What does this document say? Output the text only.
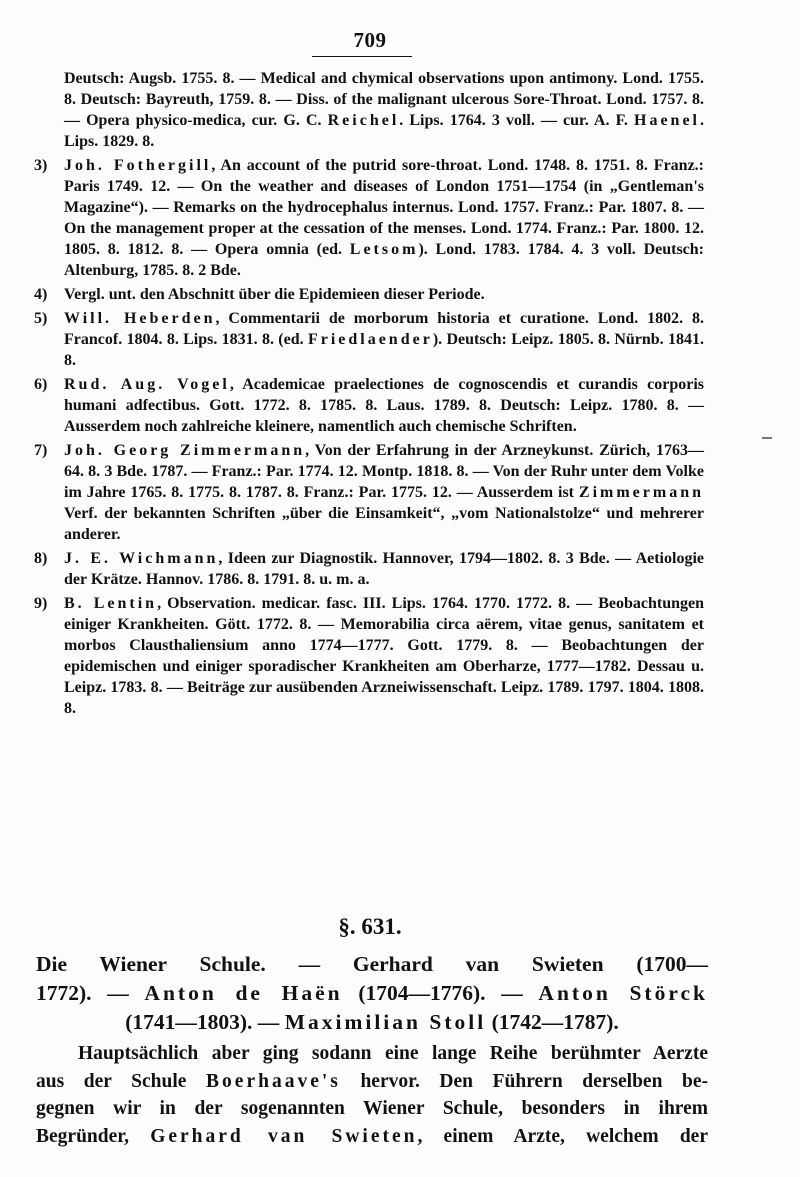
709
Deutsch: Augsb. 1755. 8. — Medical and chymical observations upon antimony. Lond. 1755. 8. Deutsch: Bayreuth, 1759. 8. — Diss. of the malignant ulcerous Sore-Throat. Lond. 1757. 8. — Opera physico-medica, cur. G. C. Reichel. Lips. 1764. 3 voll. — cur. A. F. Haenel. Lips. 1829. 8.
3)	Joh. Fothergill, An account of the putrid sore-throat. Lond. 1748. 8. 1751. 8. Franz.: Paris 1749. 12. — On the weather and diseases of London 1751—1754 (in „Gentleman's Magazine“). — Remarks on the hydrocephalus internus. Lond. 1757. Franz.: Par. 1807. 8. — On the management proper at the cessation of the menses. Lond. 1774. Franz.: Par. 1800. 12. 1805. 8. 1812. 8. — Opera omnia (ed. Letsom). Lond. 1783. 1784. 4. 3 voll. Deutsch: Altenburg, 1785. 8. 2 Bde.
4)	Vergl. unt. den Abschnitt über die Epidemieen dieser Periode.
5)	Will. Heberden, Commentarii de morborum historia et curatione. Lond. 1802. 8. Francof. 1804. 8. Lips. 1831. 8. (ed. Friedlaender). Deutsch: Leipz. 1805. 8. Nürnb. 1841. 8.
6)	Rud. Aug. Vogel, Academicae praelectiones de cognoscendis et curandis corporis humani adfectibus. Gott. 1772. 8. 1785. 8. Laus. 1789. 8. Deutsch: Leipz. 1780. 8. — Ausserdem noch zahlreiche kleinere, namentlich auch chemische Schriften.
7)	Joh. Georg Zimmermann, Von der Erfahrung in der Arzneykunst. Zürich, 1763—64. 8. 3 Bde. 1787. — Franz.: Par. 1774. 12. Montp. 1818. 8. — Von der Ruhr unter dem Volke im Jahre 1765. 8. 1775. 8. 1787. 8. Franz.: Par. 1775. 12. — Ausserdem ist Zimmermann Verf. der bekannten Schriften „über die Einsamkeit“, „vom Nationalstolze“ und mehrerer anderer.
8)	J. E. Wichmann, Ideen zur Diagnostik. Hannover, 1794—1802. 8. 3 Bde. — Aetiologie der Krätze. Hannov. 1786. 8. 1791. 8. u. m. a.
9)	B. Lentin, Observation. medicar. fasc. III. Lips. 1764. 1770. 1772. 8. — Beobachtungen einiger Krankheiten. Gött. 1772. 8. — Memorabilia circa aërem, vitae genus, sanitatem et morbos Clausthaliensium anno 1774—1777. Gott. 1779. 8. — Beobachtungen der epidemischen und einiger sporadischer Krankheiten am Oberharze, 1777—1782. Dessau u. Leipz. 1783. 8. — Beiträge zur ausübenden Arzneiwissenschaft. Leipz. 1789. 1797. 1804. 1808. 8.
§. 631.
Die Wiener Schule. — Gerhard van Swieten (1700—
1772). — Anton de Haën (1704—1776). — Anton Störck
(1741—1803). — Maximilian Stoll (1742—1787).
Hauptsächlich aber ging sodann eine lange Reihe berühmter Aerzte
aus der Schule Boerhaave's hervor. Den Führern derselben be-
gegnen wir in der sogenannten Wiener Schule, besonders in ihrem
Begründer, Gerhard van Swieten, einem Arzte, welchem der
